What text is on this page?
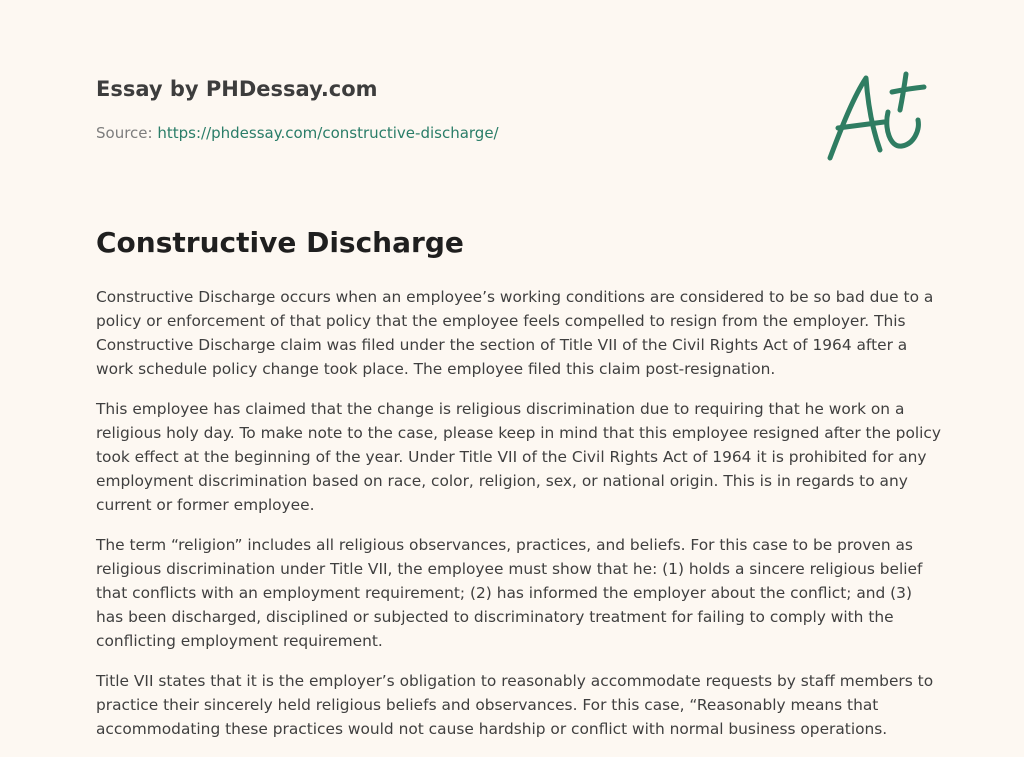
Essay by PHDessay.com
Source: https://phdessay.com/constructive-discharge/
Constructive Discharge

Constructive Discharge occurs when an employee’s working conditions are considered to be so bad due to a policy or enforcement of that policy that the employee feels compelled to resign from the employer. This Constructive Discharge claim was filed under the section of Title VII of the Civil Rights Act of 1964 after a work schedule policy change took place. The employee filed this claim post-resignation.

This employee has claimed that the change is religious discrimination due to requiring that he work on a religious holy day. To make note to the case, please keep in mind that this employee resigned after the policy took effect at the beginning of the year. Under Title VII of the Civil Rights Act of 1964 it is prohibited for any employment discrimination based on race, color, religion, sex, or national origin. This is in regards to any current or former employee.

The term “religion” includes all religious observances, practices, and beliefs. For this case to be proven as religious discrimination under Title VII, the employee must show that he: (1) holds a sincere religious belief that conflicts with an employment requirement; (2) has informed the employer about the conflict; and (3) has been discharged, disciplined or subjected to discriminatory treatment for failing to comply with the conflicting employment requirement.

Title VII states that it is the employer’s obligation to reasonably accommodate requests by staff members to practice their sincerely held religious beliefs and observances. For this case, “Reasonably means that accommodating these practices would not cause hardship or conflict with normal business operations.
